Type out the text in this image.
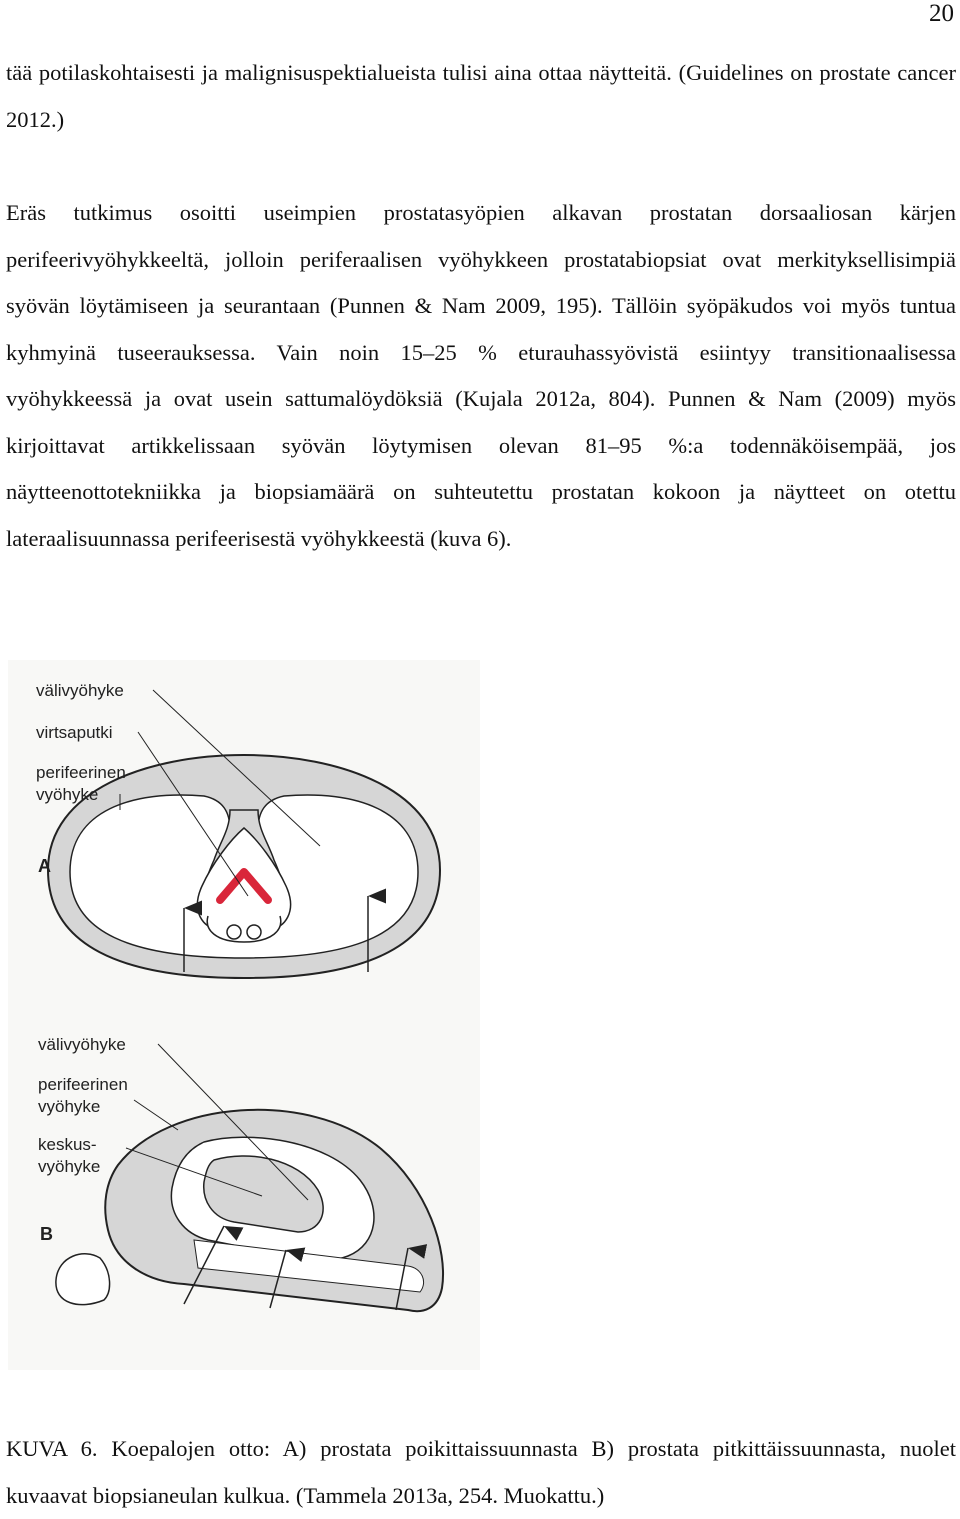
20

tää potilaskohtaisesti ja malignisuspektialueista tulisi aina ottaa näytteitä. (Guidelines on prostate cancer 2012.)

Eräs tutkimus osoitti useimpien prostatasyöpien alkavan prostatan dorsaaliosan kärjen perifeerivyöhykkeeltä, jolloin periferaalisen vyöhykkeen prostatabiopsiat ovat merkityksellisimpiä syövän löytämiseen ja seurantaan (Punnen & Nam 2009, 195). Tällöin syöpäkudos voi myös tuntua kyhmyinä tuseerauksessa. Vain noin 15–25 % eturauhassyövistä esiintyy transitionaalisessa vyöhykkeessä ja ovat usein sattumalöydöksiä (Kujala 2012a, 804). Punnen & Nam (2009) myös kirjoittavat artikkelissaan syövän löytymisen olevan 81–95 %:a todennäköisempää, jos näytteenottotekniikka ja biopsiamäärä on suhteutettu prostatan kokoon ja näytteet on otettu lateraalisuunnassa perifeerisestä vyöhykkeestä (kuva 6).

välivyöhyke
virtsaputki
perifeerinen
vyöhyke
A
välivyöhyke
perifeerinen
vyöhyke
keskus-
vyöhyke
B

KUVA 6. Koepalojen otto: A) prostata poikittaissuunnasta B) prostata pitkittäissuunnasta, nuolet kuvaavat biopsianeulan kulkua. (Tammela 2013a, 254. Muokattu.)
